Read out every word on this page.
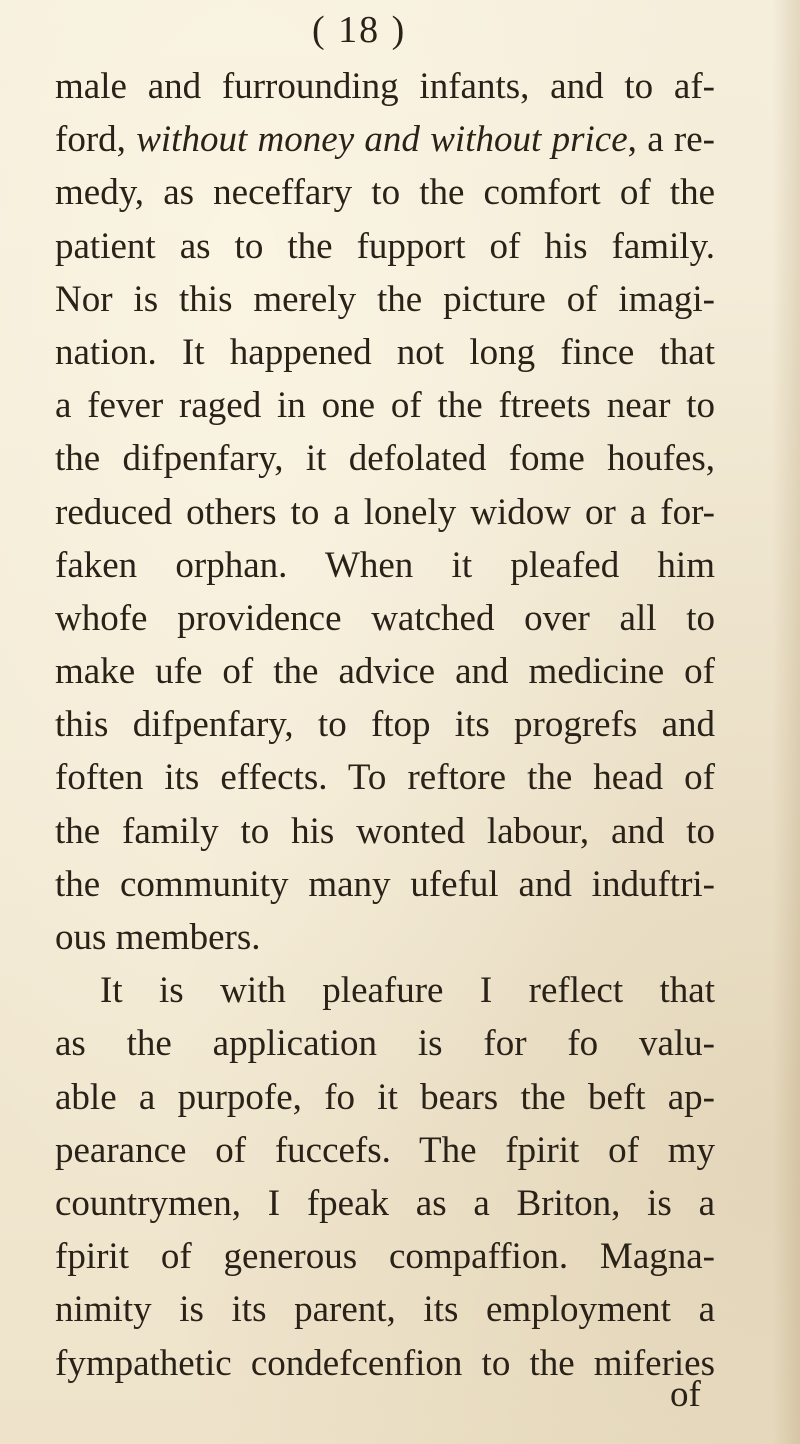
( 18 )
male and furrounding infants, and to af-
ford, without money and without price, a re-
medy, as neceffary to the comfort of the
patient as to the fupport of his family.
Nor is this merely the picture of imagi-
nation. It happened not long fince that
a fever raged in one of the ftreets near to
the difpenfary, it defolated fome houfes,
reduced others to a lonely widow or a for-
faken orphan. When it pleafed him
whofe providence watched over all to
make ufe of the advice and medicine of
this difpenfary, to ftop its progrefs and
foften its effects. To reftore the head of
the family to his wonted labour, and to
the community many ufeful and induftri-
ous members.
It is with pleafure I reflect that
as the application is for fo valu-
able a purpofe, fo it bears the beft ap-
pearance of fuccefs. The fpirit of my
countrymen, I fpeak as a Briton, is a
fpirit of generous compaffion. Magna-
nimity is its parent, its employment a
fympathetic condefcenfion to the miferies
of
